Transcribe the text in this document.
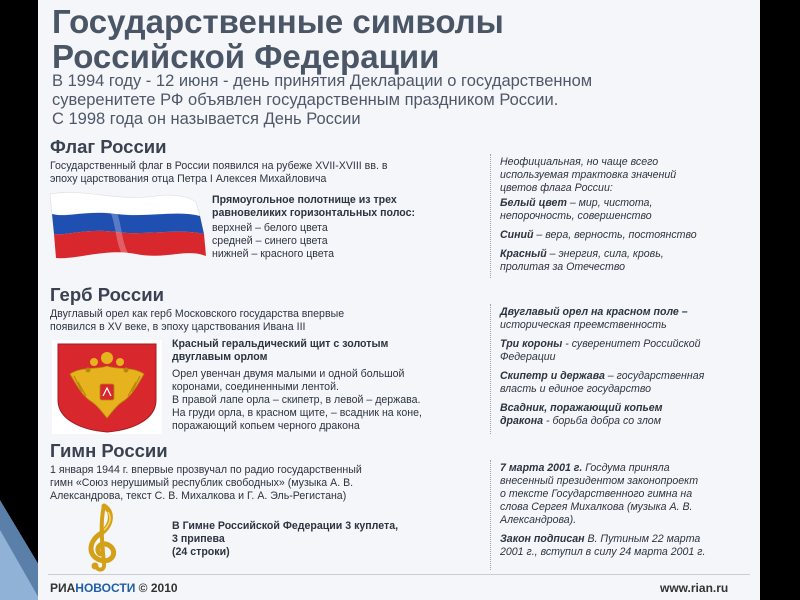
Государственные символы
Российской Федерации

В 1994 году - 12 июня - день принятия Декларации о государственном
суверенитете РФ объявлен государственным праздником России.
С 1998 года он называется День России

Флаг России

Государственный флаг в России появился на рубеже XVII-XVIII вв. в
эпоху царствования отца Петра I Алексея Михайловича

Прямоугольное полотнище из трех
равновеликих горизонтальных полос:

верхней – белого цвета
средней – синего цвета
нижней – красного цвета

Неофициальная, но чаще всего
используемая трактовка значений
цветов флага России:

Белый цвет – мир, чистота,
непорочность, совершенство

Синий – вера, верность, постоянство

Красный – энергия, сила, кровь,
пролитая за Отечество

Герб России

Двуглавый орел как герб Московского государства впервые
появился в XV веке, в эпоху царствования Ивана III

Красный геральдический щит с золотым
двуглавым орлом

Орел увенчан двумя малыми и одной большой
коронами, соединенными лентой.
В правой лапе орла – скипетр, в левой – держава.
На груди орла, в красном щите, – всадник на коне,
поражающий копьем черного дракона

Двуглавый орел на красном поле –
историческая преемственность

Три короны - суверенитет Российской
Федерации

Скипетр и держава – государственная
власть и единое государство

Всадник, поражающий копьем
дракона - борьба добра со злом

Гимн России

1 января 1944 г. впервые прозвучал по радио государственный
гимн «Союз нерушимый республик свободных» (музыка А. В.
Александрова, текст С. В. Михалкова и Г. А. Эль-Регистана)

В Гимне Российской Федерации 3 куплета,
3 припева
(24 строки)

7 марта 2001 г. Госдума приняла
внесенный президентом законопроект
о тексте Государственного гимна на
слова Сергея Михалкова (музыка А. В.
Александрова).

Закон подписан В. Путиным 22 марта
2001 г., вступил в силу 24 марта 2001 г.

РИАНОВОСТИ © 2010	www.rian.ru
